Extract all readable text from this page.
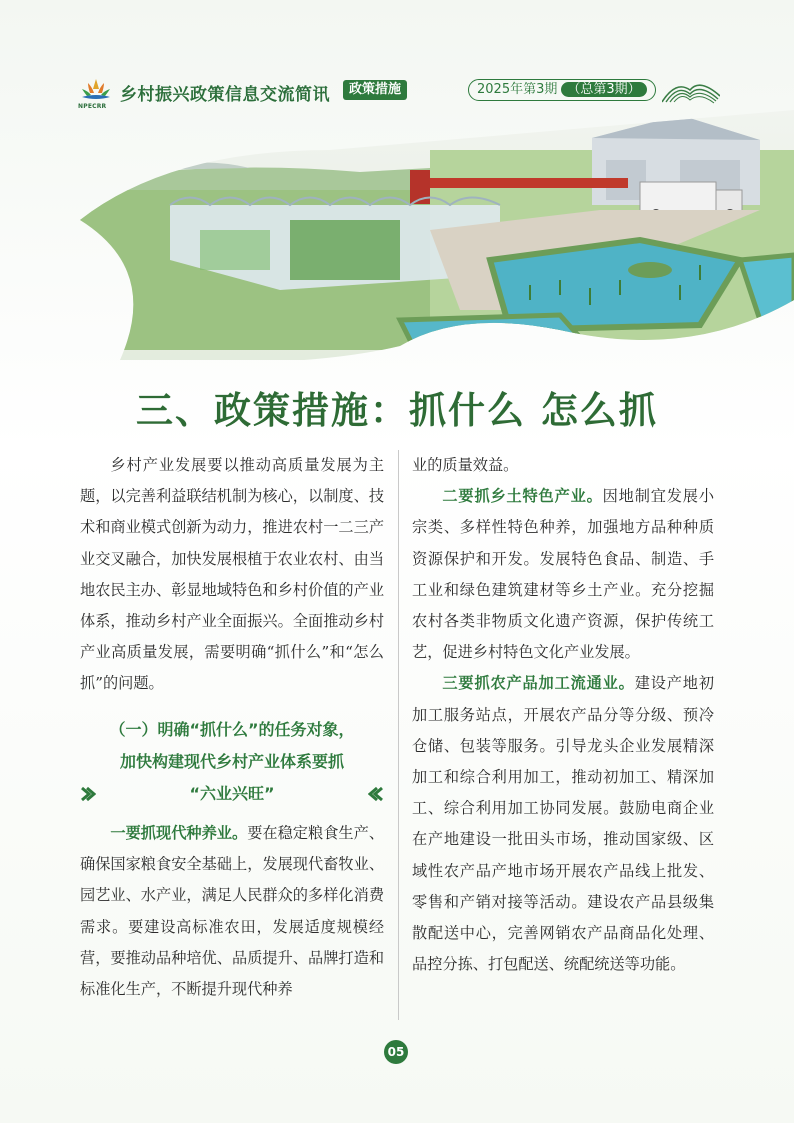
NPECRR
乡村振兴政策信息交流简讯	政策措施	2025年第3期 （总第3期）
三、政策措施：抓什么 怎么抓

乡村产业发展要以推动高质量发展为主题，以完善利益联结机制为核心，以制度、技术和商业模式创新为动力，推进农村一二三产业交叉融合，加快发展根植于农业农村、由当地农民主办、彰显地域特色和乡村价值的产业体系，推动乡村产业全面振兴。全面推动乡村产业高质量发展，需要明确“抓什么”和“怎么抓”的问题。

（一）明确“抓什么”的任务对象，
加快构建现代乡村产业体系要抓
“六业兴旺”

一要抓现代种养业。要在稳定粮食生产、确保国家粮食安全基础上，发展现代畜牧业、园艺业、水产业，满足人民群众的多样化消费需求。要建设高标准农田，发展适度规模经营，要推动品种培优、品质提升、品牌打造和标准化生产，不断提升现代种养

业的质量效益。

二要抓乡土特色产业。因地制宜发展小宗类、多样性特色种养，加强地方品种种质资源保护和开发。发展特色食品、制造、手工业和绿色建筑建材等乡土产业。充分挖掘农村各类非物质文化遗产资源，保护传统工艺，促进乡村特色文化产业发展。

三要抓农产品加工流通业。建设产地初加工服务站点，开展农产品分等分级、预冷仓储、包装等服务。引导龙头企业发展精深加工和综合利用加工，推动初加工、精深加工、综合利用加工协同发展。鼓励电商企业在产地建设一批田头市场，推动国家级、区域性农产品产地市场开展农产品线上批发、零售和产销对接等活动。建设农产品县级集散配送中心，完善网销农产品商品化处理、品控分拣、打包配送、统配统送等功能。

05
